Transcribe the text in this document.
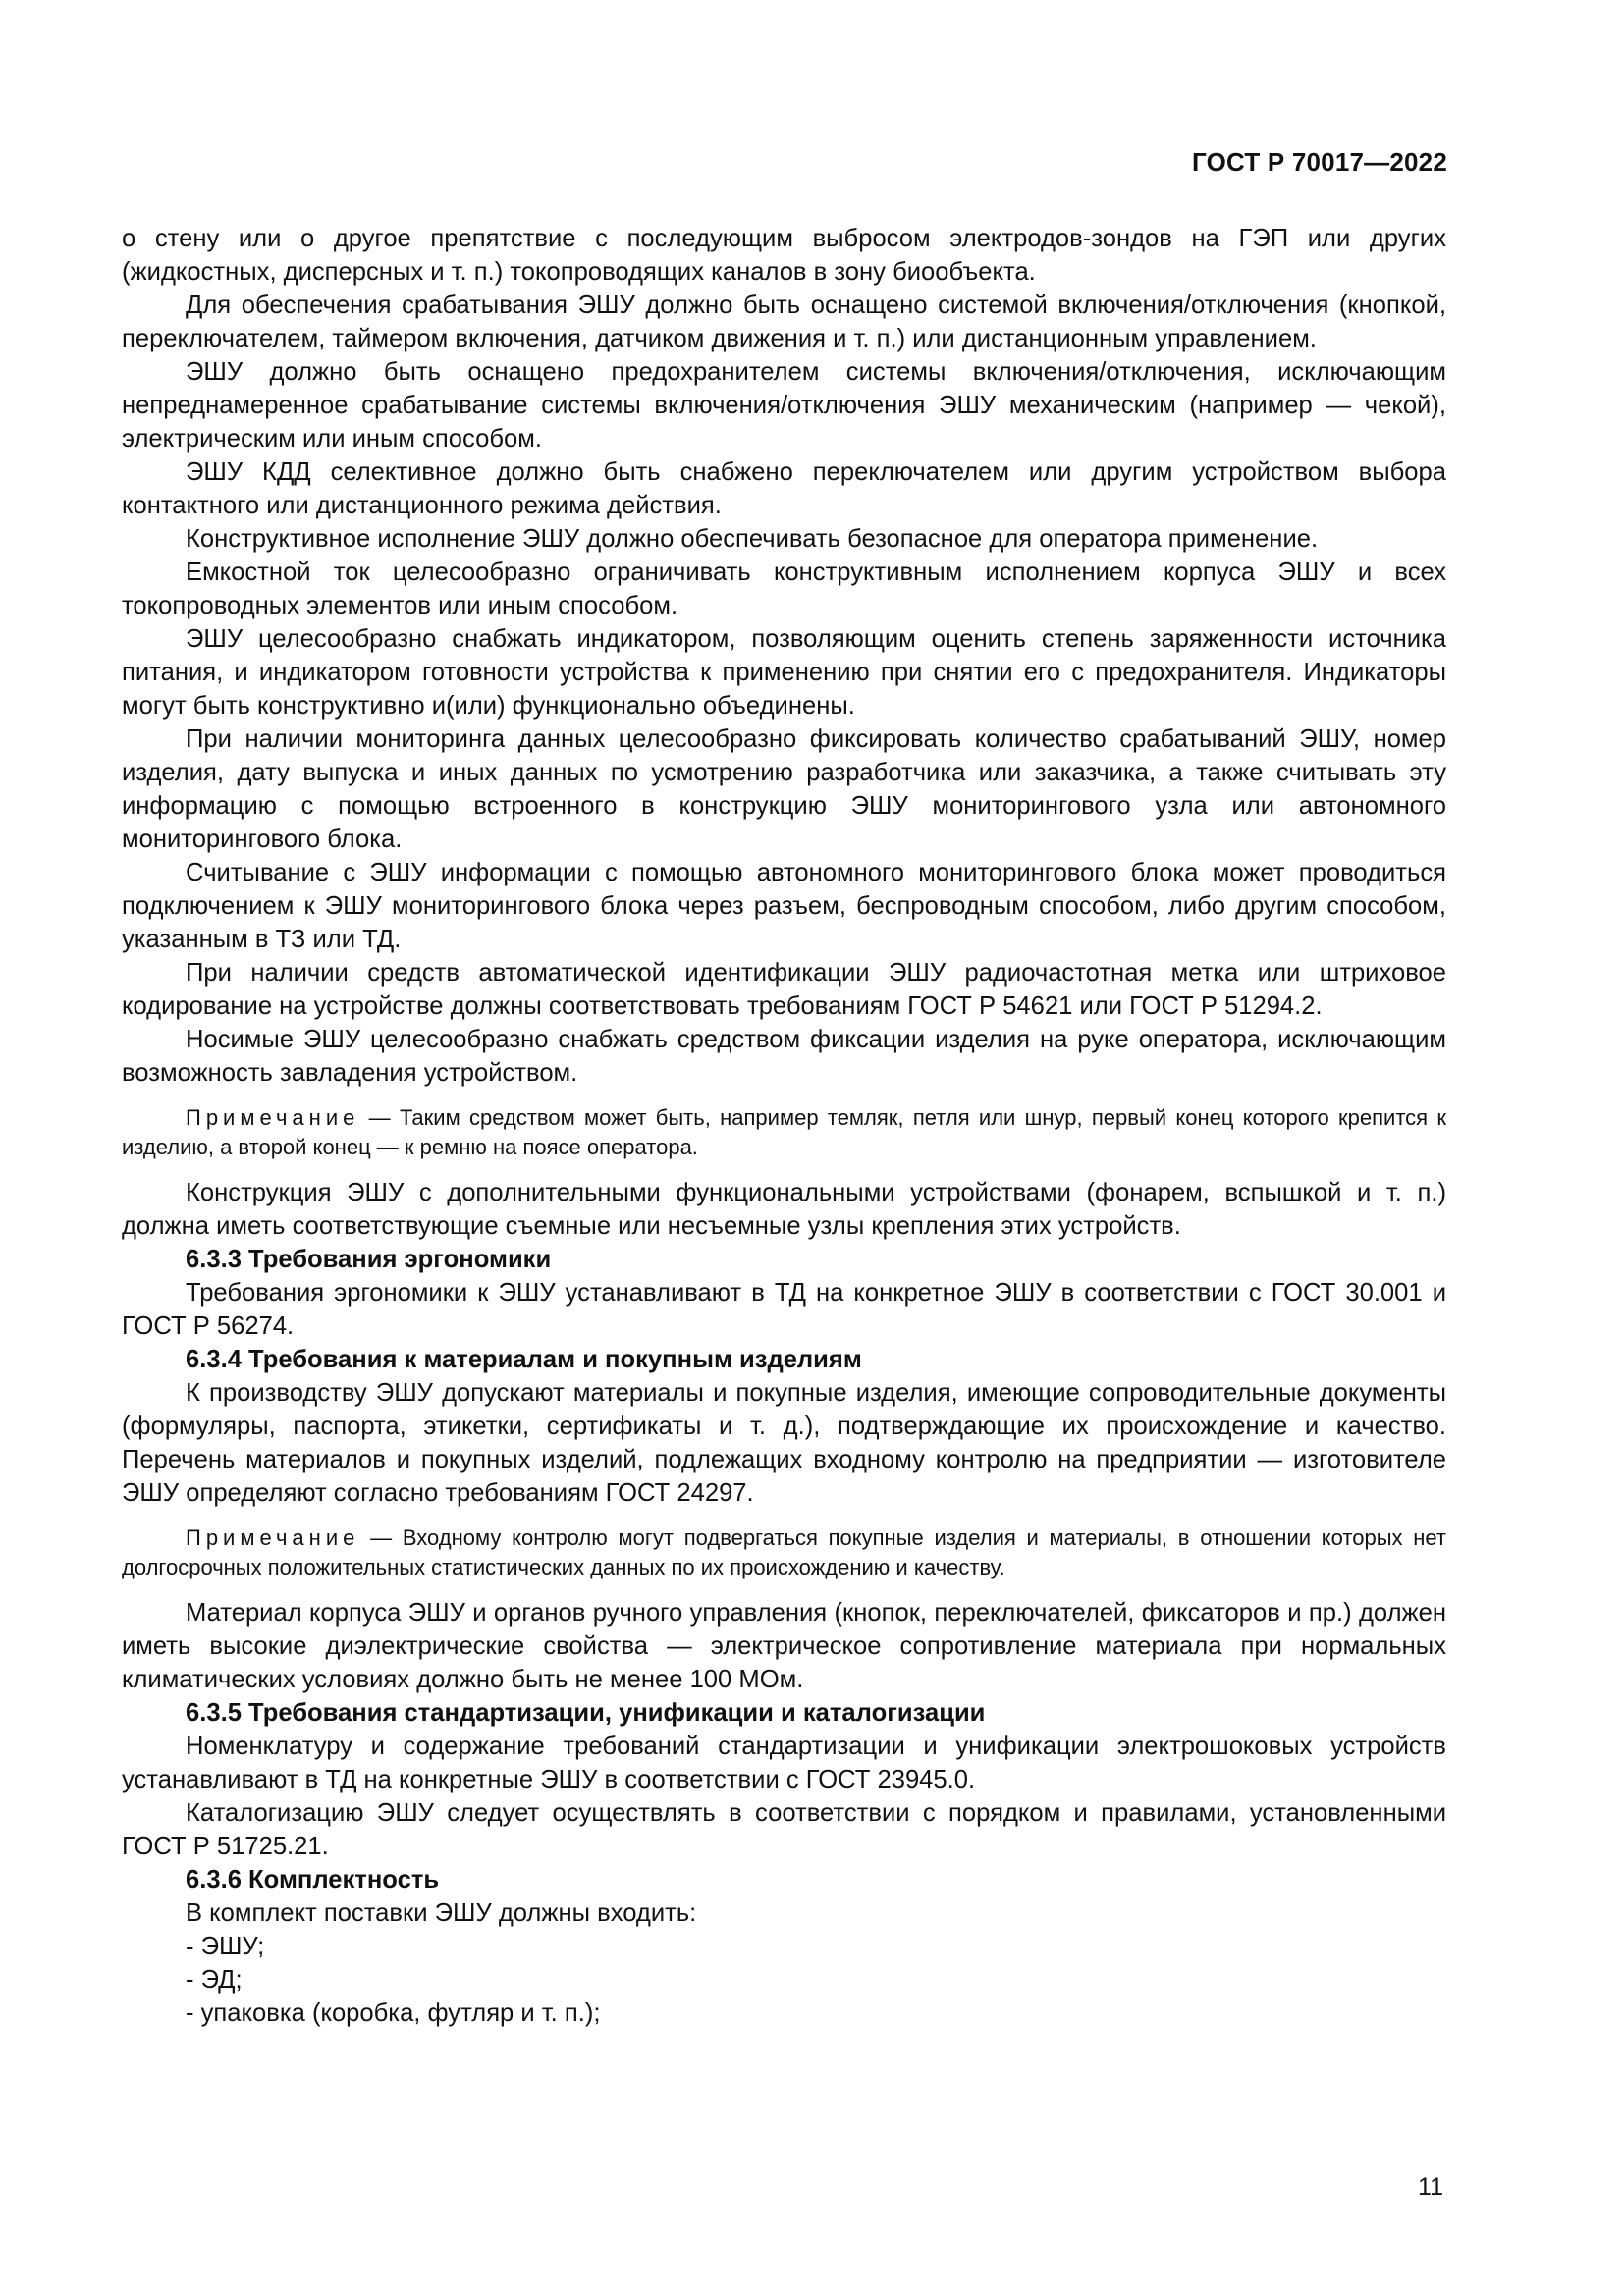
ГОСТ Р 70017—2022

о стену или о другое препятствие с последующим выбросом электродов-зондов на ГЭП или других (жидкостных, дисперсных и т. п.) токопроводящих каналов в зону биообъекта.

Для обеспечения срабатывания ЭШУ должно быть оснащено системой включения/отключения (кнопкой, переключателем, таймером включения, датчиком движения и т. п.) или дистанционным управлением.

ЭШУ должно быть оснащено предохранителем системы включения/отключения, исключающим непреднамеренное срабатывание системы включения/отключения ЭШУ механическим (например — чекой), электрическим или иным способом.

ЭШУ КДД селективное должно быть снабжено переключателем или другим устройством выбора контактного или дистанционного режима действия.

Конструктивное исполнение ЭШУ должно обеспечивать безопасное для оператора применение.

Емкостной ток целесообразно ограничивать конструктивным исполнением корпуса ЭШУ и всех токопроводных элементов или иным способом.

ЭШУ целесообразно снабжать индикатором, позволяющим оценить степень заряженности источника питания, и индикатором готовности устройства к применению при снятии его с предохранителя. Индикаторы могут быть конструктивно и(или) функционально объединены.

При наличии мониторинга данных целесообразно фиксировать количество срабатываний ЭШУ, номер изделия, дату выпуска и иных данных по усмотрению разработчика или заказчика, а также считывать эту информацию с помощью встроенного в конструкцию ЭШУ мониторингового узла или автономного мониторингового блока.

Считывание с ЭШУ информации с помощью автономного мониторингового блока может проводиться подключением к ЭШУ мониторингового блока через разъем, беспроводным способом, либо другим способом, указанным в ТЗ или ТД.

При наличии средств автоматической идентификации ЭШУ радиочастотная метка или штриховое кодирование на устройстве должны соответствовать требованиям ГОСТ Р 54621 или ГОСТ Р 51294.2.

Носимые ЭШУ целесообразно снабжать средством фиксации изделия на руке оператора, исключающим возможность завладения устройством.

Примечание — Таким средством может быть, например темляк, петля или шнур, первый конец которого крепится к изделию, а второй конец — к ремню на поясе оператора.

Конструкция ЭШУ с дополнительными функциональными устройствами (фонарем, вспышкой и т. п.) должна иметь соответствующие съемные или несъемные узлы крепления этих устройств.

6.3.3 Требования эргономики

Требования эргономики к ЭШУ устанавливают в ТД на конкретное ЭШУ в соответствии с ГОСТ 30.001 и ГОСТ Р 56274.

6.3.4 Требования к материалам и покупным изделиям

К производству ЭШУ допускают материалы и покупные изделия, имеющие сопроводительные документы (формуляры, паспорта, этикетки, сертификаты и т. д.), подтверждающие их происхождение и качество. Перечень материалов и покупных изделий, подлежащих входному контролю на предприятии — изготовителе ЭШУ определяют согласно требованиям ГОСТ 24297.

Примечание — Входному контролю могут подвергаться покупные изделия и материалы, в отношении которых нет долгосрочных положительных статистических данных по их происхождению и качеству.

Материал корпуса ЭШУ и органов ручного управления (кнопок, переключателей, фиксаторов и пр.) должен иметь высокие диэлектрические свойства — электрическое сопротивление материала при нормальных климатических условиях должно быть не менее 100 МОм.

6.3.5 Требования стандартизации, унификации и каталогизации

Номенклатуру и содержание требований стандартизации и унификации электрошоковых устройств устанавливают в ТД на конкретные ЭШУ в соответствии с ГОСТ 23945.0.

Каталогизацию ЭШУ следует осуществлять в соответствии с порядком и правилами, установленными ГОСТ Р 51725.21.

6.3.6 Комплектность

В комплект поставки ЭШУ должны входить:

- ЭШУ;

- ЭД;

- упаковка (коробка, футляр и т. п.);

11
